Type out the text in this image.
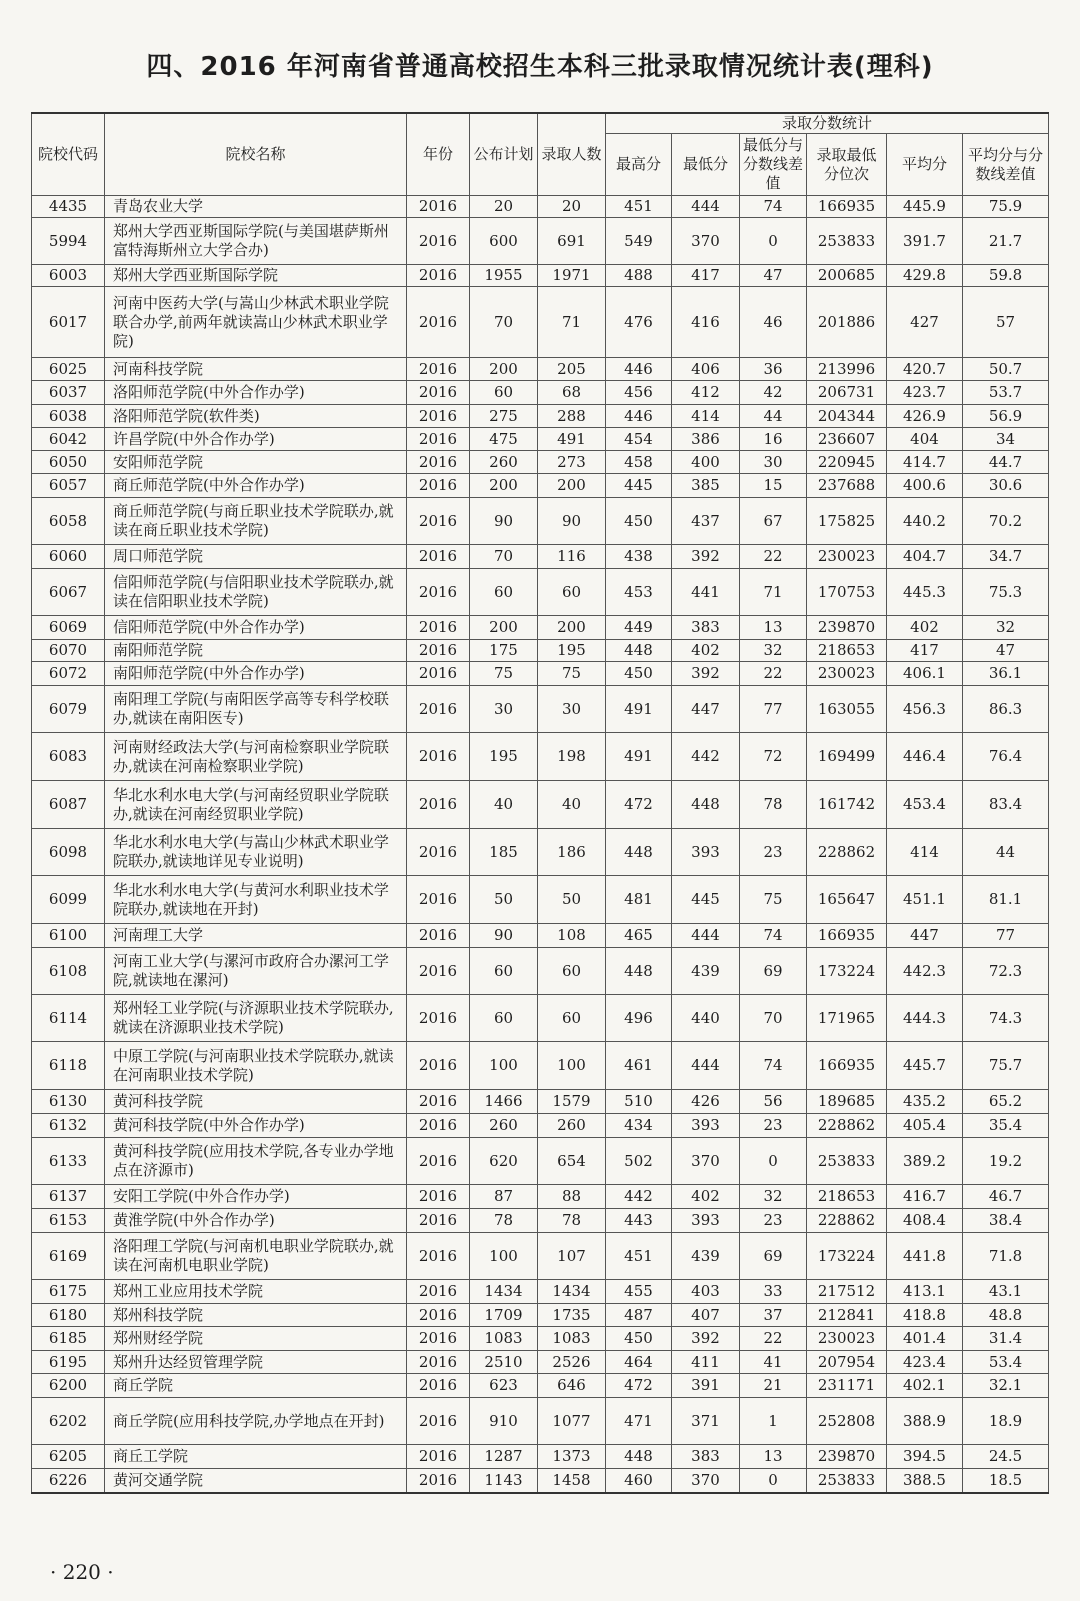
四、2016 年河南省普通高校招生本科三批录取情况统计表(理科)
院校代码	院校名称	年份	公布计划	录取人数	录取分数统计					
					最高分	最低分	最低分与分数线差值	录取最低分位次	平均分	平均分与分数线差值
4435	青岛农业大学	2016	20	20	451	444	74	166935	445.9	75.9
5994	郑州大学西亚斯国际学院(与美国堪萨斯州富特海斯州立大学合办)	2016	600	691	549	370	0	253833	391.7	21.7
6003	郑州大学西亚斯国际学院	2016	1955	1971	488	417	47	200685	429.8	59.8
6017	河南中医药大学(与嵩山少林武术职业学院联合办学,前两年就读嵩山少林武术职业学院)	2016	70	71	476	416	46	201886	427	57
6025	河南科技学院	2016	200	205	446	406	36	213996	420.7	50.7
6037	洛阳师范学院(中外合作办学)	2016	60	68	456	412	42	206731	423.7	53.7
6038	洛阳师范学院(软件类)	2016	275	288	446	414	44	204344	426.9	56.9
6042	许昌学院(中外合作办学)	2016	475	491	454	386	16	236607	404	34
6050	安阳师范学院	2016	260	273	458	400	30	220945	414.7	44.7
6057	商丘师范学院(中外合作办学)	2016	200	200	445	385	15	237688	400.6	30.6
6058	商丘师范学院(与商丘职业技术学院联办,就读在商丘职业技术学院)	2016	90	90	450	437	67	175825	440.2	70.2
6060	周口师范学院	2016	70	116	438	392	22	230023	404.7	34.7
6067	信阳师范学院(与信阳职业技术学院联办,就读在信阳职业技术学院)	2016	60	60	453	441	71	170753	445.3	75.3
6069	信阳师范学院(中外合作办学)	2016	200	200	449	383	13	239870	402	32
6070	南阳师范学院	2016	175	195	448	402	32	218653	417	47
6072	南阳师范学院(中外合作办学)	2016	75	75	450	392	22	230023	406.1	36.1
6079	南阳理工学院(与南阳医学高等专科学校联办,就读在南阳医专)	2016	30	30	491	447	77	163055	456.3	86.3
6083	河南财经政法大学(与河南检察职业学院联办,就读在河南检察职业学院)	2016	195	198	491	442	72	169499	446.4	76.4
6087	华北水利水电大学(与河南经贸职业学院联办,就读在河南经贸职业学院)	2016	40	40	472	448	78	161742	453.4	83.4
6098	华北水利水电大学(与嵩山少林武术职业学院联办,就读地详见专业说明)	2016	185	186	448	393	23	228862	414	44
6099	华北水利水电大学(与黄河水利职业技术学院联办,就读地在开封)	2016	50	50	481	445	75	165647	451.1	81.1
6100	河南理工大学	2016	90	108	465	444	74	166935	447	77
6108	河南工业大学(与漯河市政府合办漯河工学院,就读地在漯河)	2016	60	60	448	439	69	173224	442.3	72.3
6114	郑州轻工业学院(与济源职业技术学院联办,就读在济源职业技术学院)	2016	60	60	496	440	70	171965	444.3	74.3
6118	中原工学院(与河南职业技术学院联办,就读在河南职业技术学院)	2016	100	100	461	444	74	166935	445.7	75.7
6130	黄河科技学院	2016	1466	1579	510	426	56	189685	435.2	65.2
6132	黄河科技学院(中外合作办学)	2016	260	260	434	393	23	228862	405.4	35.4
6133	黄河科技学院(应用技术学院,各专业办学地点在济源市)	2016	620	654	502	370	0	253833	389.2	19.2
6137	安阳工学院(中外合作办学)	2016	87	88	442	402	32	218653	416.7	46.7
6153	黄淮学院(中外合作办学)	2016	78	78	443	393	23	228862	408.4	38.4
6169	洛阳理工学院(与河南机电职业学院联办,就读在河南机电职业学院)	2016	100	107	451	439	69	173224	441.8	71.8
6175	郑州工业应用技术学院	2016	1434	1434	455	403	33	217512	413.1	43.1
6180	郑州科技学院	2016	1709	1735	487	407	37	212841	418.8	48.8
6185	郑州财经学院	2016	1083	1083	450	392	22	230023	401.4	31.4
6195	郑州升达经贸管理学院	2016	2510	2526	464	411	41	207954	423.4	53.4
6200	商丘学院	2016	623	646	472	391	21	231171	402.1	32.1
6202	商丘学院(应用科技学院,办学地点在开封)	2016	910	1077	471	371	1	252808	388.9	18.9
6205	商丘工学院	2016	1287	1373	448	383	13	239870	394.5	24.5
6226	黄河交通学院	2016	1143	1458	460	370	0	253833	388.5	18.5
· 220 ·
